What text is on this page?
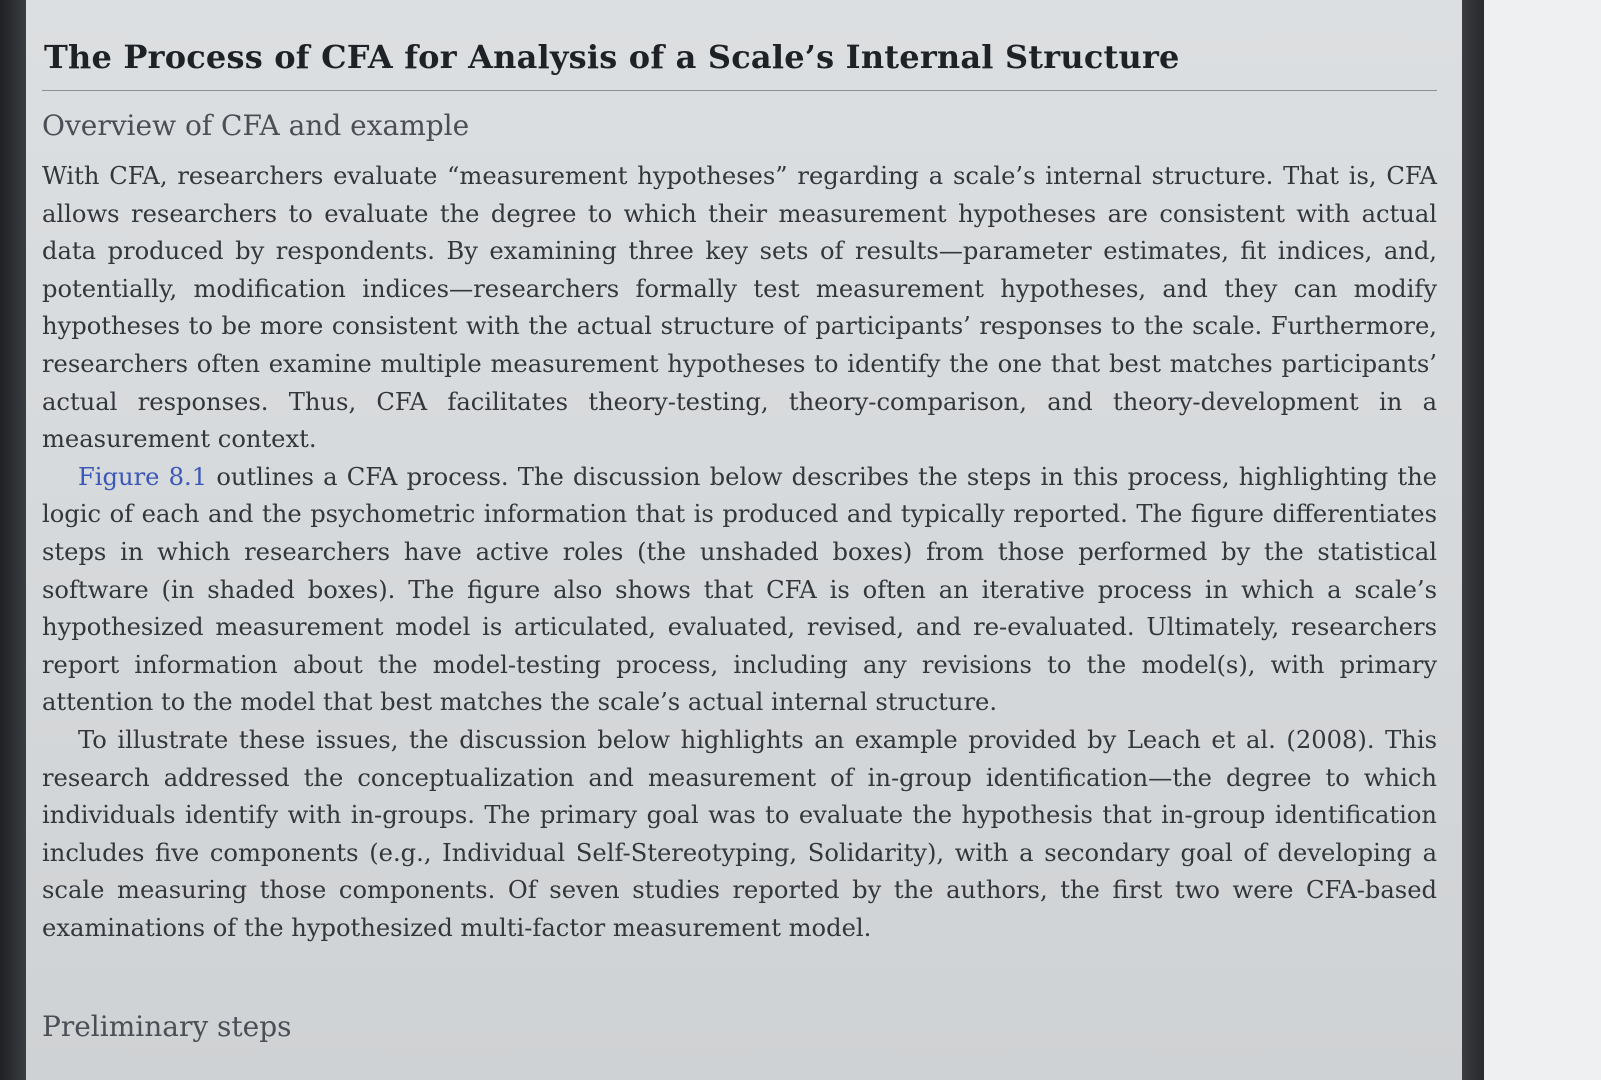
The Process of CFA for Analysis of a Scale’s Internal Structure
Overview of CFA and example

With CFA, researchers evaluate “measurement hypotheses” regarding a scale’s internal structure. That is, CFA allows researchers to evaluate the degree to which their measurement hypotheses are consistent with actual data produced by respondents. By examining three key sets of results—parameter estimates, fit indices, and, potentially, modification indices—researchers formally test measurement hypotheses, and they can modify hypotheses to be more consistent with the actual structure of participants’ responses to the scale. Furthermore, researchers often examine multiple measurement hypotheses to identify the one that best matches participants’ actual responses. Thus, CFA facilitates theory-testing, theory-comparison, and theory-development in a measurement context.

Figure 8.1 outlines a CFA process. The discussion below describes the steps in this process, highlighting the logic of each and the psychometric information that is produced and typically reported. The figure differentiates steps in which researchers have active roles (the unshaded boxes) from those performed by the statistical software (in shaded boxes). The figure also shows that CFA is often an iterative process in which a scale’s hypothesized measurement model is articulated, evaluated, revised, and re-evaluated. Ultimately, researchers report information about the model-testing process, including any revisions to the model(s), with primary attention to the model that best matches the scale’s actual internal structure.

To illustrate these issues, the discussion below highlights an example provided by Leach et al. (2008). This research addressed the conceptualization and measurement of in-group identification—the degree to which individuals identify with in-groups. The primary goal was to evaluate the hypothesis that in-group identification includes five components (e.g., Individual Self-Stereotyping, Solidarity), with a secondary goal of developing a scale measuring those components. Of seven studies reported by the authors, the first two were CFA-based examinations of the hypothesized multi-factor measurement model.

Preliminary steps
